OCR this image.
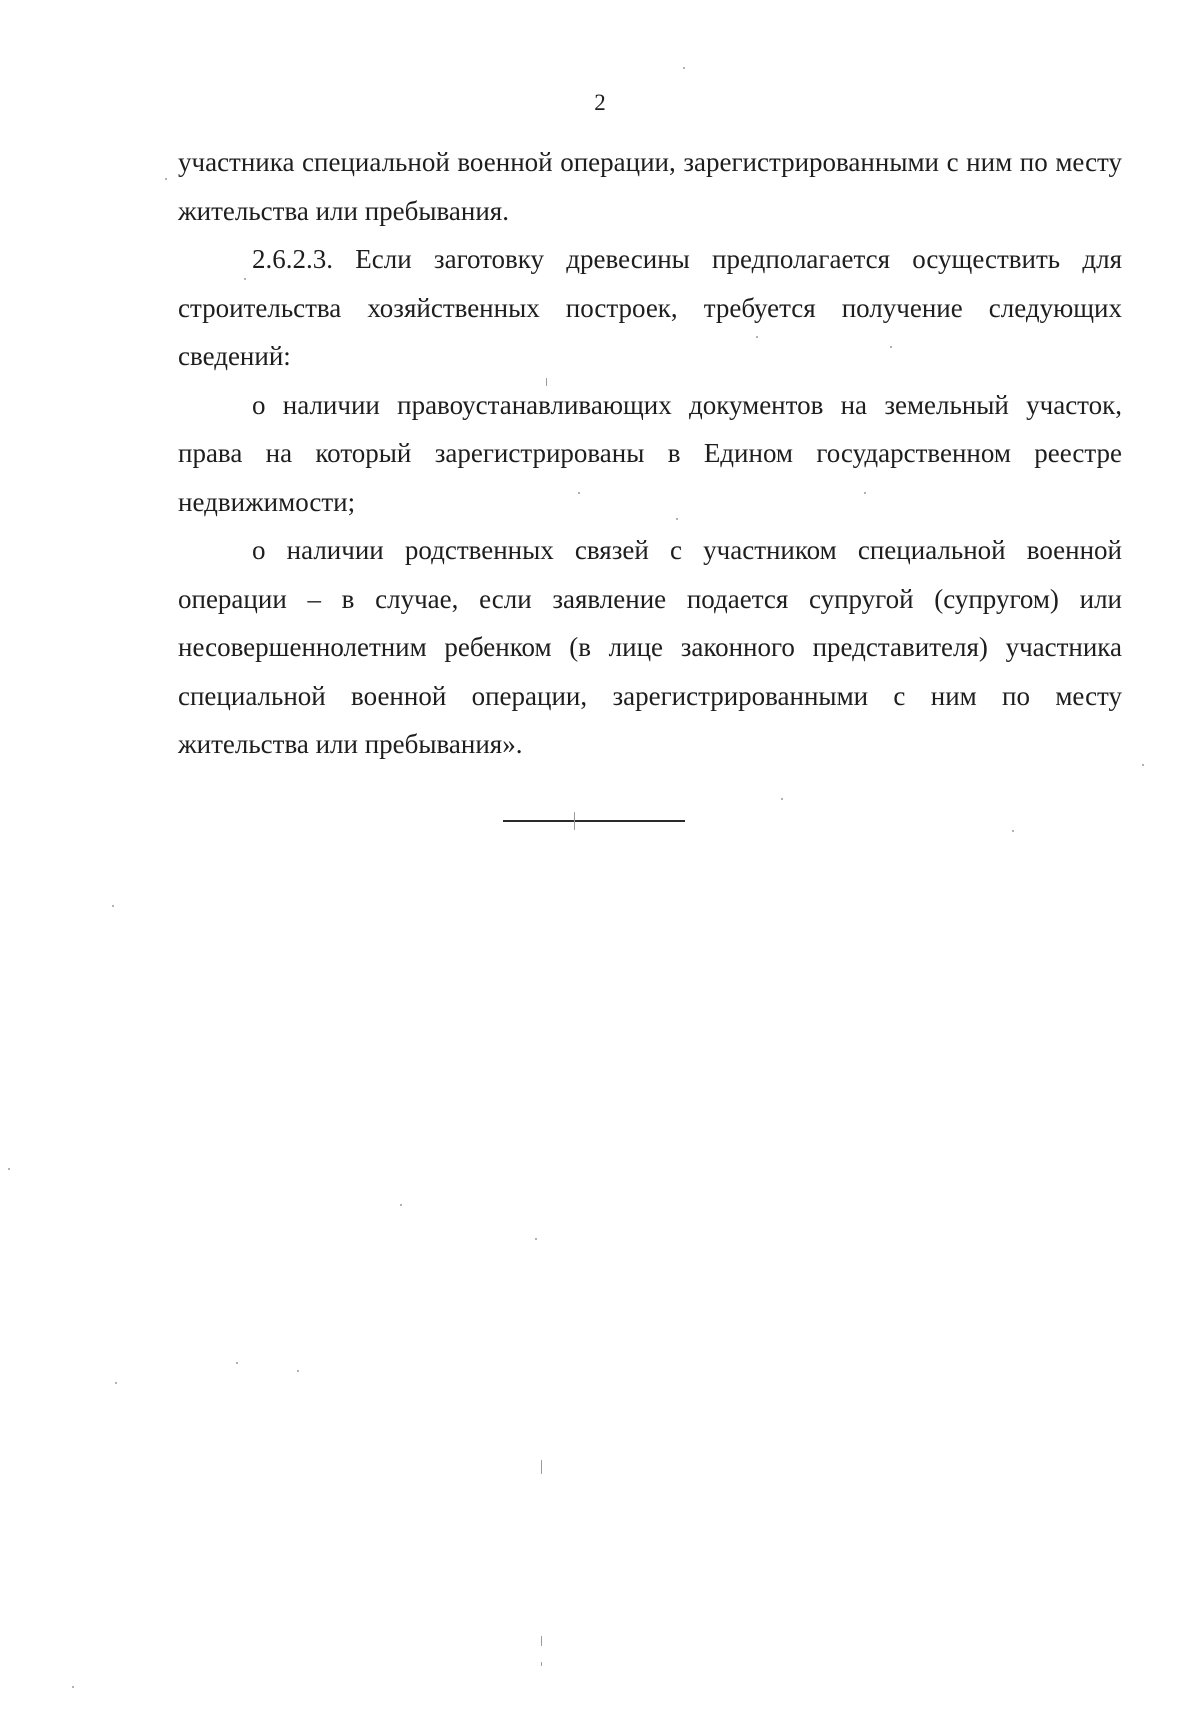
2

участника специальной военной операции, зарегистрированными с ним по месту жительства или пребывания.

2.6.2.3. Если заготовку древесины предполагается осуществить для строительства хозяйственных построек, требуется получение следующих сведений:

о наличии правоустанавливающих документов на земельный участок, права на который зарегистрированы в Едином государственном реестре недвижимости;

о наличии родственных связей с участником специальной военной операции – в случае, если заявление подается супругой (супругом) или несовершеннолетним ребенком (в лице законного представителя) участника специальной военной операции, зарегистрированными с ним по месту жительства или пребывания».
